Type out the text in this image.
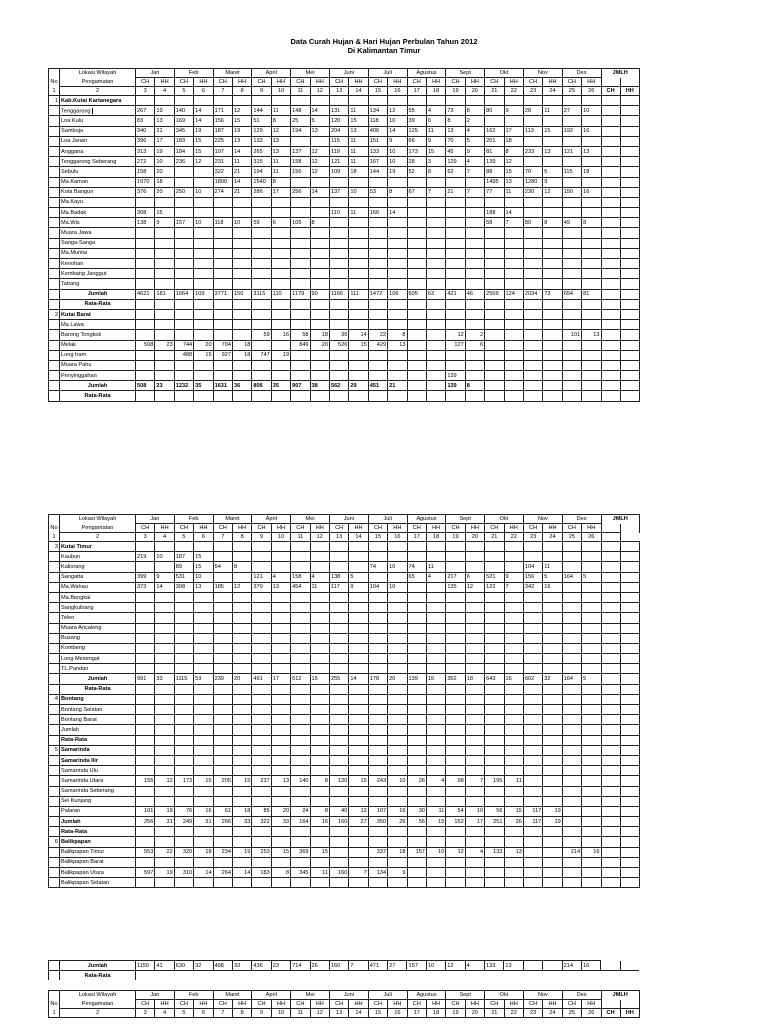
Data Curah Hujan & Hari Hujan Perbulan Tahun 2012
Di Kalimantan Timur
	Lokasi Wilayah	Jan		Feb		Maret		April		Mei		Juni		Juli		Agustus		Sept		Okt		Nov		Des		JMLH	
No	Pengamatan	CH	HH	CH	HH	CH	HH	CH	HH	CH	HH	CH	HH	CH	HH	CH	HH	CH	HH	CH	HH	CH	HH	CH	HH		
1	2	3	4	5	6	7	8	9	10	11	12	13	14	15	16	17	18	19	20	21	22	23	24	25	26	CH	HH
1	Kab.Kutai Kartanegara																										
	Tenggarong	267	19	140	14	171	12	144	11	148	14	131	11	134	12	55	4	73	8	80	9	28	11	27	10		
	Loa Kulu	83	13	169	14	156	15	51	8	25	5	120	15	118	10	39	6	8	2								
	Samboja	340	21	345	19	187	19	129	12	194	13	204	13	406	14	125	11	13	4	162	17	113	15	192	16		
	Loa Janan	396	17	183	15	225	13	132	13			115	11	151	9	66	9	70	5	201	18						
	Anggana	313	19	184	15	197	14	265	13	137	12	119	11	133	10	173	15	45	9	81	8	233	13	121	13		
	Tenggarong Seberang	272	10	236	12	231	11	315	11	158	12	121	11	167	10	28	3	129	4	139	12						
	Sebulu	158	20			322	21	194	11	156	12	109	18	144	19	52	8	62	7	88	15	70	5	115	18		
	Ma.Kaman	1970	18			1890	14	1540	8											1495	13	1280	9				
	Kota Bangun	376	20	250	10	274	21	286	17	256	14	137	10	53	8	67	7	21	7	77	11	230	12	150	16		
	Ma.Kayu																										
	Ma.Badak	308	15									110	11	166	14					188	14						
	Ma.Wis	138	9	157	10	118	10	59	6	105	8									58	7	80	8	49	8		
	Muara Jawa																										
	Sanga-Sanga																										
	Ma.Muntai																										
	Kenohan																										
	Kembang Janggut																										
	Tabang																										
	Jumlah	4621	181	1664	109	3771	150	3115	110	1179	90	1166	111	1472	106	605	63	421	46	2569	124	2034	73	654	81		
	Rata-Rata																										
2	Kutai Barat																										
	Ma.Lawa																										
	Barong Tongkok							59	16	58	18	36	14	22	8			12	2					101	13		
	Melak	508	23	744	20	704	18			849	20	526	15	429	13			127	6								
	Long Iram			488	15	927	18	747	19																		
	Muara Pahu																										
	Penyinggahan																	139									
	Jumlah	508	23	1232	35	1631	36	806	35	907	38	562	29	451	21			139	8								
	Rata-Rata																										
	Lokasi Wilayah	Jan		Feb		Maret		April		Mei		Juni		Juli		Agustus		Sept		Okt		Nov		Des		JMLH	
No	Pengamatan	CH	HH	CH	HH	CH	HH	CH	HH	CH	HH	CH	HH	CH	HH	CH	HH	CH	HH	CH	HH	CH	HH	CH	HH		
1	2	3	4	5	6	7	8	9	10	11	12	13	14	15	16	17	18	19	20	21	22	23	24	25	26		
3	Kutai Timur																										
	Kaubun	219	10	187	15																						
	Kaliorang			89	15	54	8							74	10	74	11					104	11				
	Sangatta	399	9	531	10			121	4	158	4	138	5			65	4	217	6	521	9	156	5	164	5		
	Ma.Wahau	373	14	308	13	185	12	370	13	454	11	117	9	104	10			135	12	122	7	342	16				
	Ma.Bengkal																										
	Sangkulirang																										
	Telen																										
	Muara Ancalong																										
	Busang																										
	Kombeng																										
	Long Mesengat																										
	TL.Pandan																										
	Jumlah	991	33	1115	53	239	20	491	17	612	15	255	14	178	20	139	15	352	18	643	16	602	32	164	5		
	Rata-Rata																										
4	Bontang																										
	Bontang Selatan																										
	Bontang Barat																										
	Jumlah																										
	Rata-Rata																										
5	Samarinda																										
	Samarinda Ilir																										
	Samarinda Ulu																										
	Samarinda Utara	155	12	173	15	205	15	237	13	140	8	120	15	243	10	26	4	98	7	195	11						
	Samarinda Seberang																										
	Sei Kunjang																										
	Palaran	101	19	76	16	61	18	85	20	24	8	40	12	107	16	30	11	54	10	56	15	117	19				
	Jumlah	256	31	249	31	266	33	322	33	164	16	160	27	350	26	56	15	152	17	251	26	117	19				
	Rata-Rata																										
6	Balikpapan																										
	Balikpapan Timur	553	22	320	18	234	19	253	15	369	15			337	18	157	10	12	4	133	13			214	16		
	Balikpapan Barat																										
	Balikpapan Utara	597	19	310	14	264	14	183	8	345	11	160	7	134	9												
	Balikpapan Selatan																										
	Jumlah	1150	41	630	32	498	33	436	23	714	26	160	7	471	27	157	10	12	4	133	13			214	16		
	Rata-Rata																										
	Lokasi Wilayah	Jan		Feb		Maret		April		Mei		Juni		Juli		Agustus		Sept		Okt		Nov		Des		JMLH	
No	Pengamatan	CH	HH	CH	HH	CH	HH	CH	HH	CH	HH	CH	HH	CH	HH	CH	HH	CH	HH	CH	HH	CH	HH	CH	HH		
1	2	3	4	5	6	7	8	9	10	11	12	13	14	15	16	17	18	19	20	21	22	23	24	25	26	CH	HH
